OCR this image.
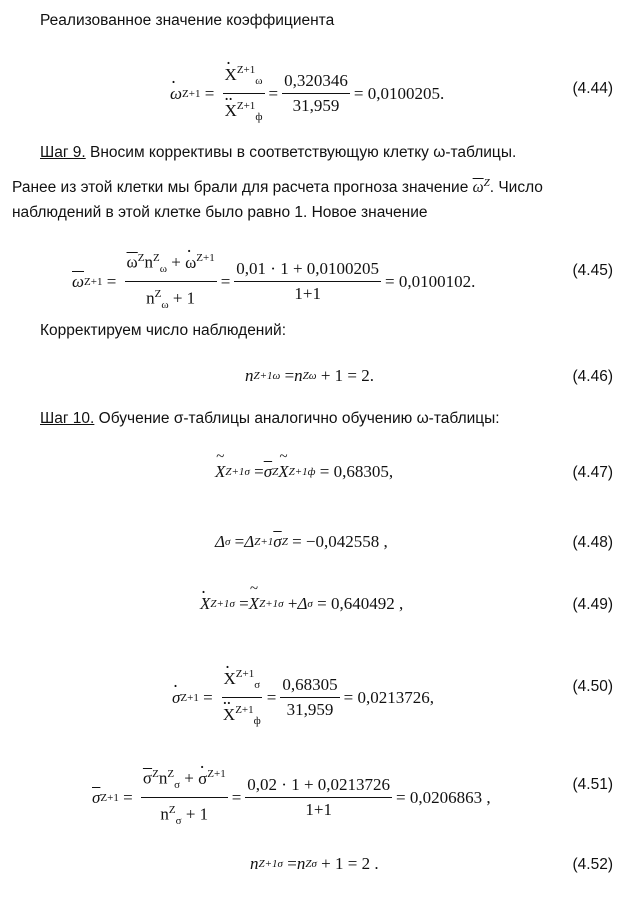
Реализованное значение коэффициента
· ω Z+1 = · $X^{Z+1}_\omega$
·· $X^{Z+1}_ф = \frac{0,320346}{31,959} = 0,0100205$.	(4.44)
Шаг 9. Вносим коррективы в соответствующую клетку ω-таблицы.
Ранее из этой клетки мы брали для расчета прогноза значение $\overline{\omega}^Z$. Число
наблюдений в этой клетке было равно 1. Новое значение
$\overline{\omega}$ $Z+1 = \frac{\overline{\omega}^Zn^Z_\omega + \cdot \omega^{Z+1}}{n^Z_\omega + 1} = \frac{0,01 \cdot 1 + 0,0100205}{1+1} = 0,0100102$.
(4.45)
Корректируем число наблюдений:
n Z+1 ω = n Z ω + 1 = 2.	(4.46)
Шаг 10. Обучение σ-таблицы аналогично обучению ω-таблицы:
~ X Z+1 $\sigma = \overline{\sigma}$ Z ~ X Z+1 ф
= 0,68305,	(4.47)
Δ σ = Δ Z+1 $\overline{\sigma}$ Z
= −0,042558 ,	(4.48)
· X Z+1 σ = ~ X Z+1 σ + Δ σ
= 0,640492 ,	(4.49)
· σ Z+1 = · $X^{Z+1}_\sigma$
·· $X^{Z+1}_ф = \frac{0,68305}{31,959} = 0,0213726$,
(4.50)
$\overline{\sigma}$ $Z+1 = \frac{\overline{\sigma}^Zn^Z_\sigma + \cdot \sigma^{Z+1}}{n^Z_\sigma + 1} = \frac{0,02 \cdot 1 + 0,0213726}{1+1} = 0,0206863$ ,
(4.51)
n Z+1 σ = n Z σ + 1 = 2 .	(4.52)
